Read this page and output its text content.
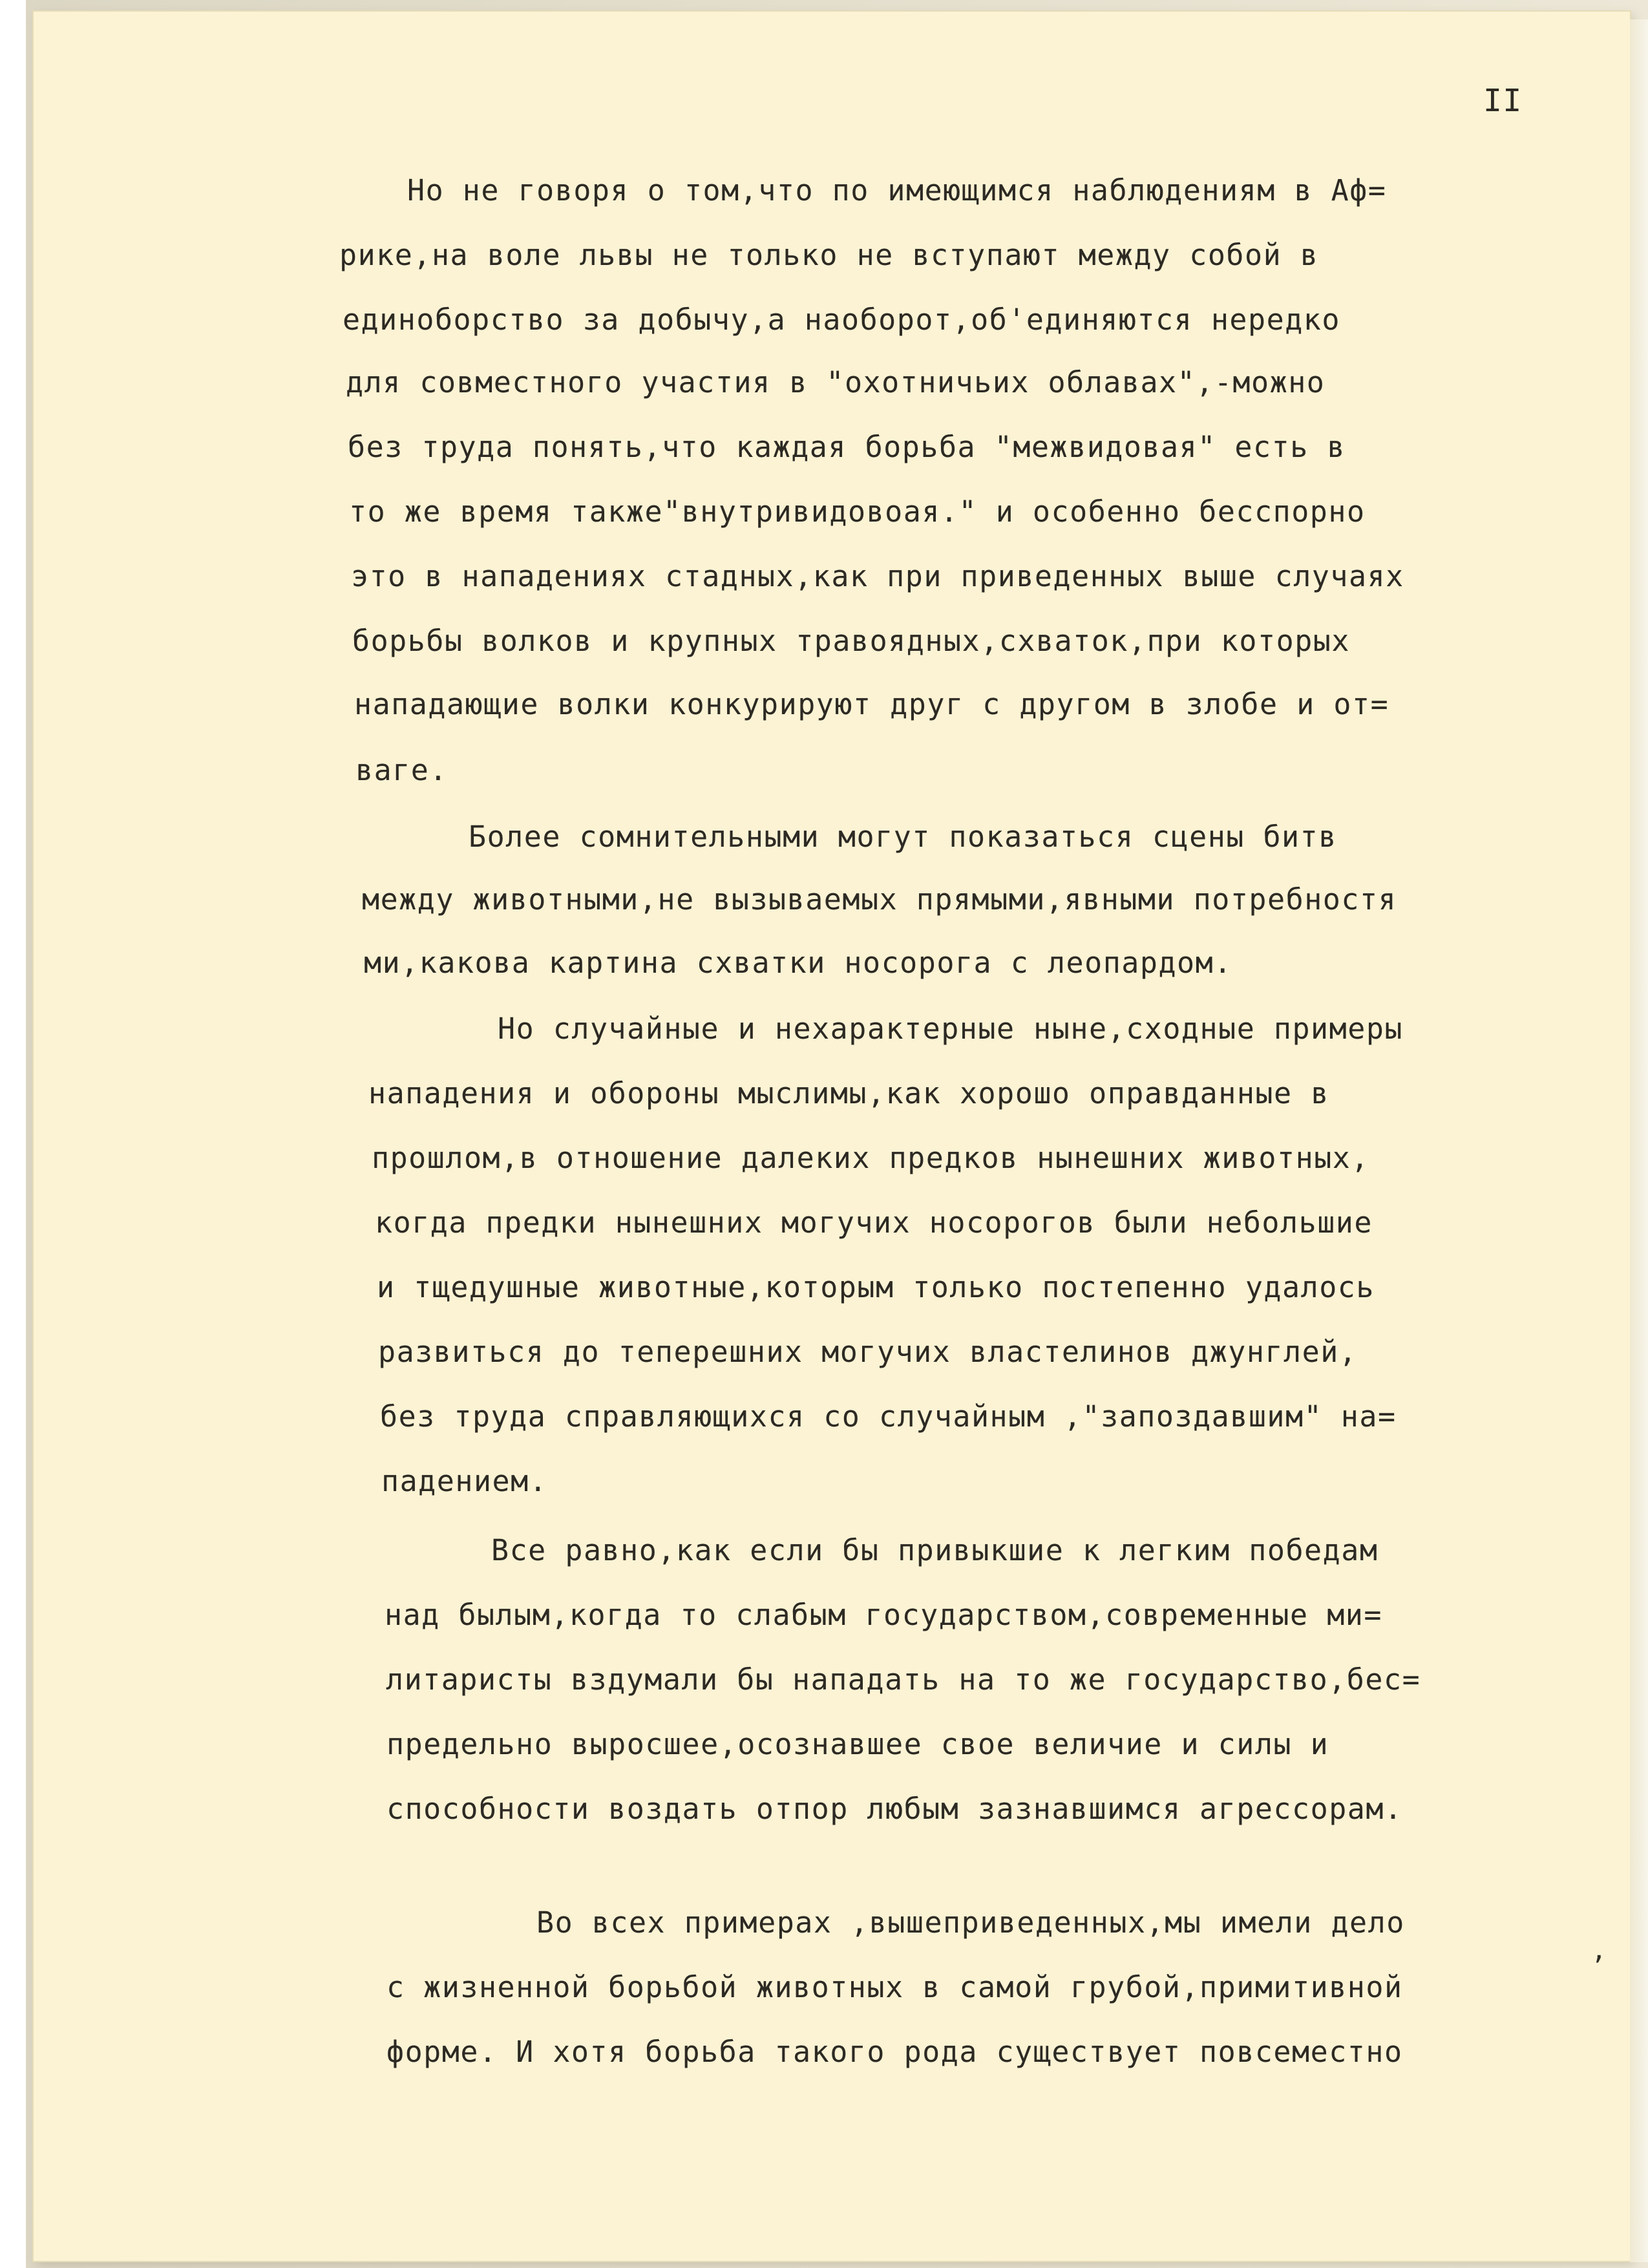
II
Но не говоря о том,что по имеющимся наблюдениям в Аф=
рике,на воле львы не только не вступают между собой в
единоборство за добычу,а наоборот,об'единяются нередко
для совместного участия в "охотничьих облавах",-можно
без труда понять,что каждая борьба "межвидовая" есть в
то же время также"внутривидовоая." и особенно бесспорно
это в нападениях стадных,как при приведенных выше случаях
борьбы волков и крупных травоядных,схваток,при которых
нападающие волки конкурируют друг с другом в злобе и от=
ваге.
Более сомнительными могут показаться сцены битв
между животными,не вызываемых прямыми,явными потребностя
ми,какова картина схватки носорога с леопардом.
Но случайные и нехарактерные ныне,сходные примеры
нападения и обороны мыслимы,как хорошо оправданные в
прошлом,в отношение далеких предков нынешних животных,
когда предки нынешних могучих носорогов были небольшие
и тщедушные животные,которым только постепенно удалось
развиться до теперешних могучих властелинов джунглей,
без труда справляющихся со случайным ,"запоздавшим" на=
падением.
Все равно,как если бы привыкшие к легким победам
над былым,когда то слабым государством,современные ми=
литаристы вздумали бы нападать на то же государство,бес=
предельно выросшее,осознавшее свое величие и силы и
способности воздать отпор любым зазнавшимся агрессорам.
Во всех примерах ,вышеприведенных,мы имели дело
с жизненной борьбой животных в самой грубой,примитивной
форме. И хотя борьба такого рода существует повсеместно
,
